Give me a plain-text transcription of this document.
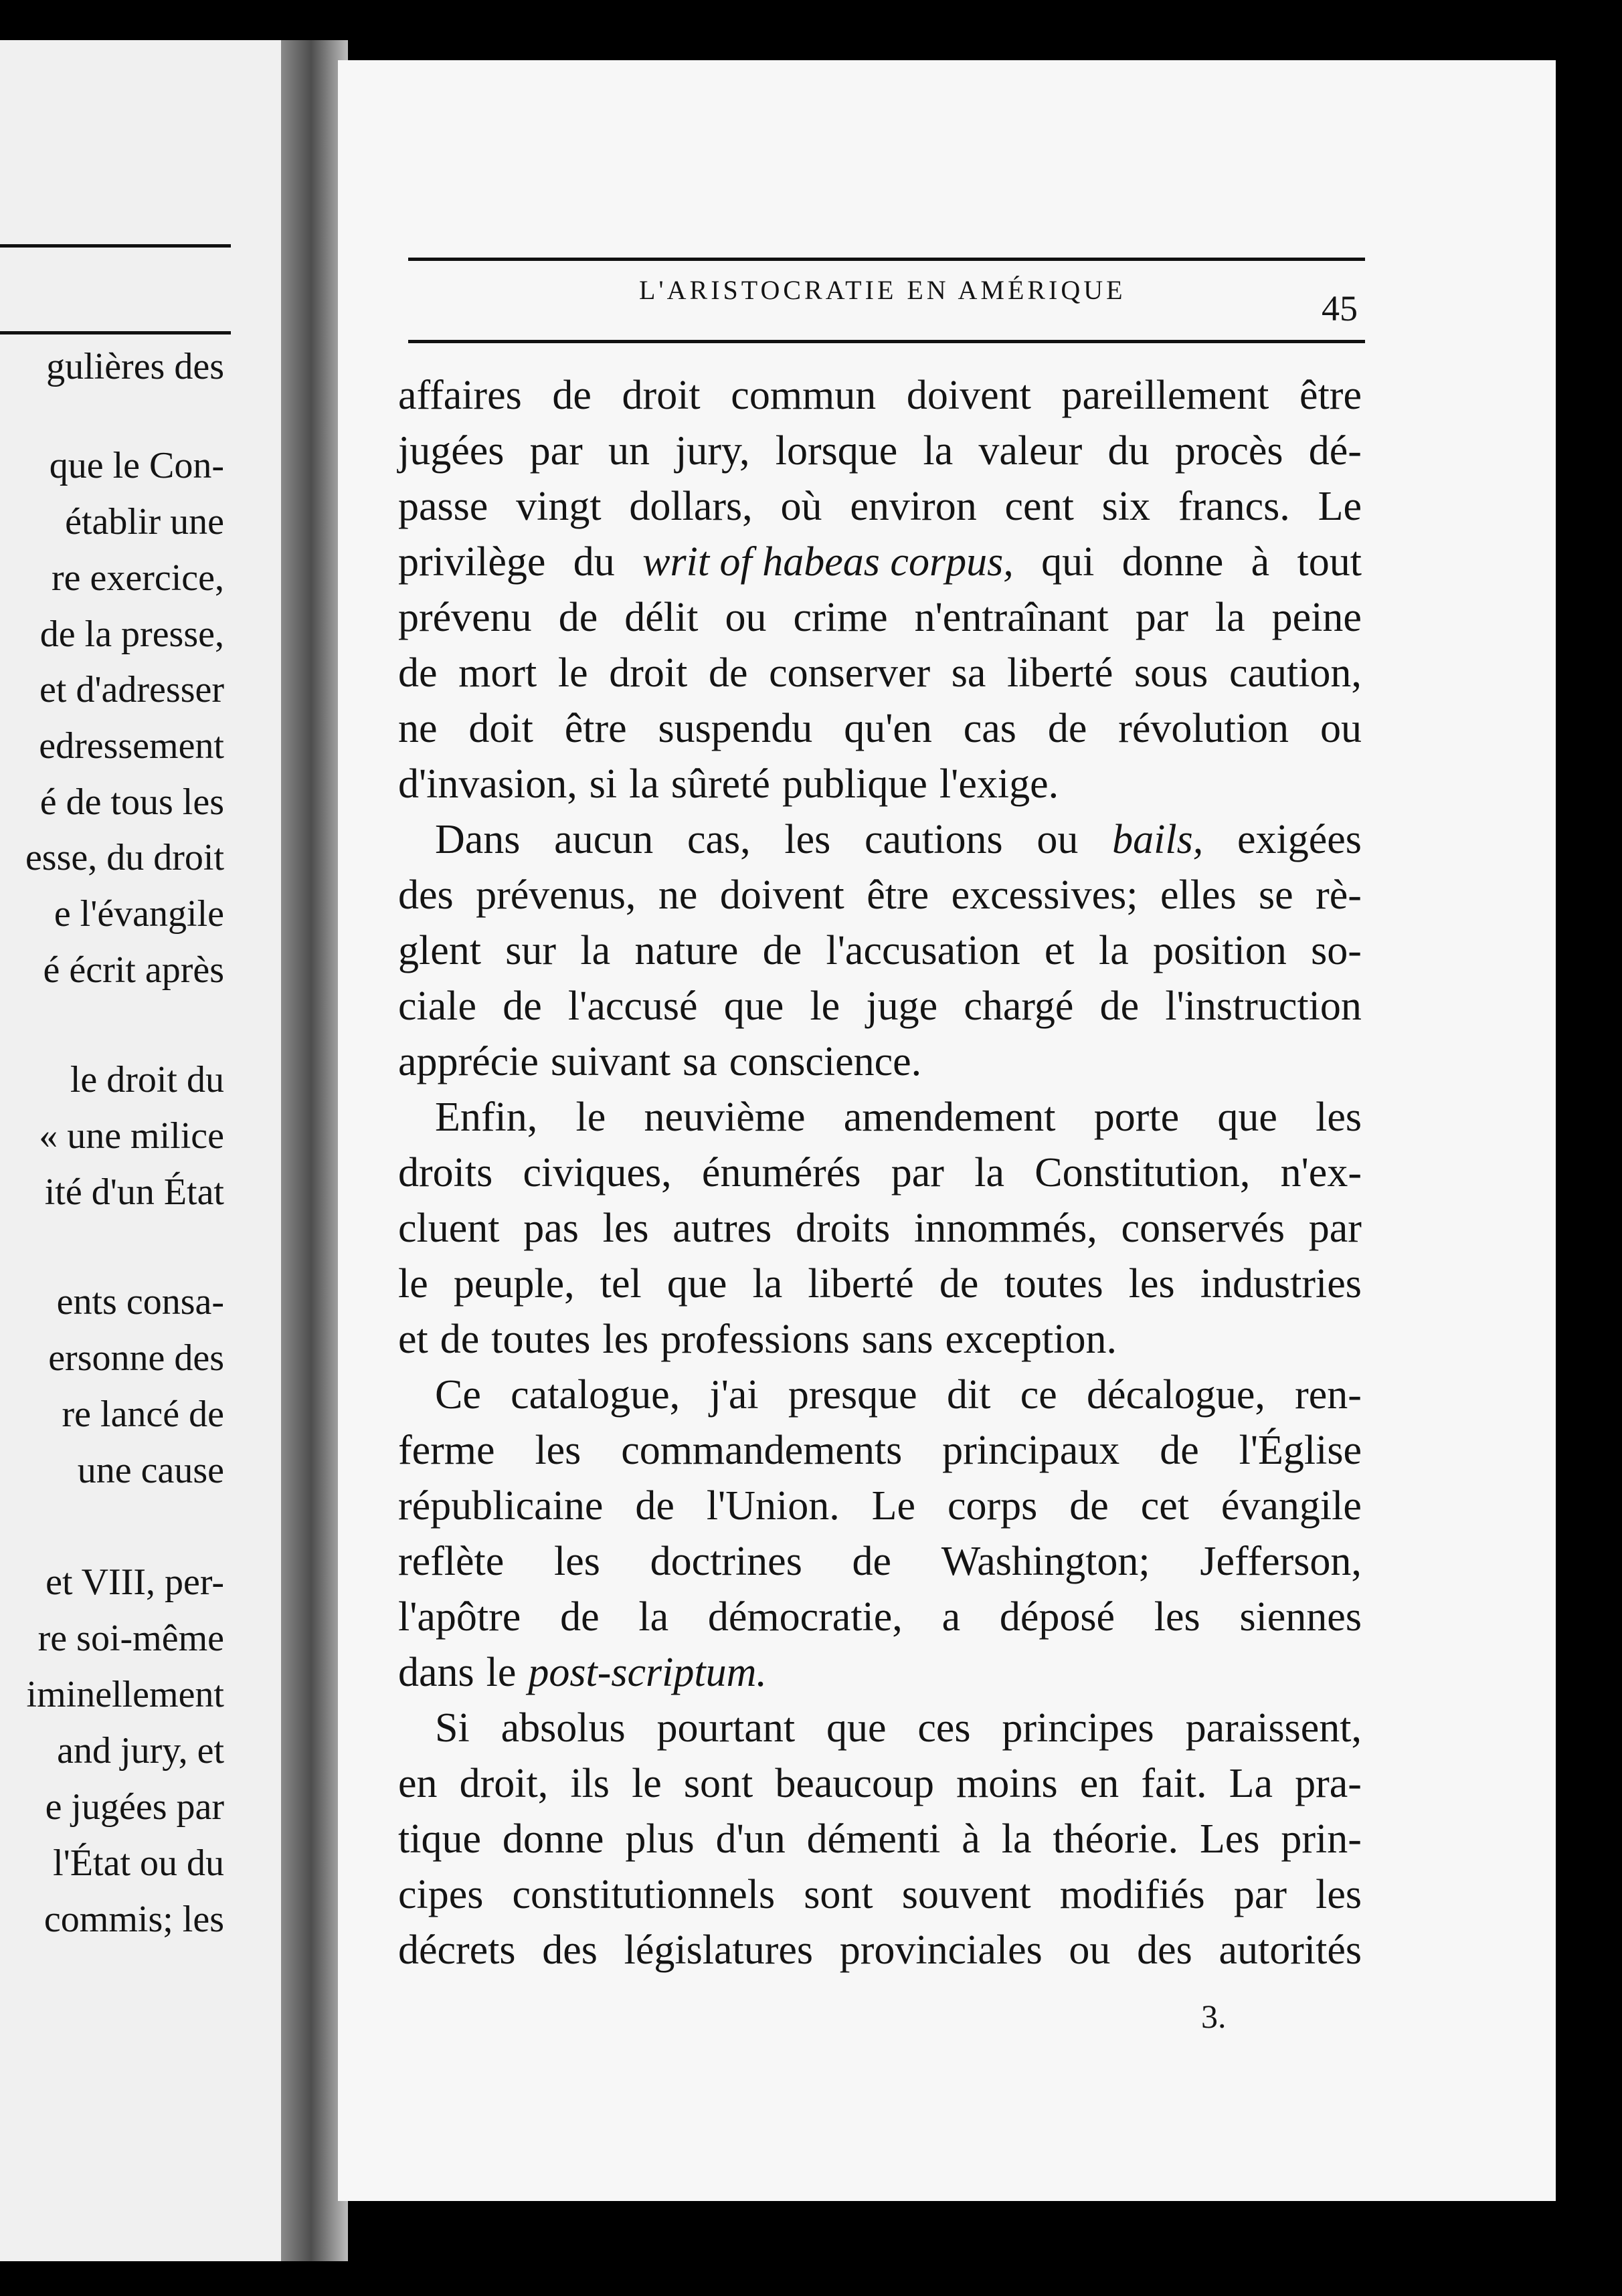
gulières des
que le Con-
établir une
re exercice,
de la presse,
et d'adresser
edressement
é de tous les
esse, du droit
e l'évangile
é écrit après
le droit du
« une milice
ité d'un État
ents consa-
ersonne des
re lancé de
une cause
et VIII, per-
re soi-même
iminellement
and jury, et
e jugées par
l'État ou du
commis; les
L'ARISTOCRATIE EN AMÉRIQUE	45
affaires de droit commun doivent pareillement être
jugées par un jury, lorsque la valeur du procès dé-
passe vingt dollars, où environ cent six francs. Le
privilège du writ of habeas corpus, qui donne à tout
prévenu de délit ou crime n'entraînant par la peine
de mort le droit de conserver sa liberté sous caution,
ne doit être suspendu qu'en cas de révolution ou
d'invasion, si la sûreté publique l'exige.
Dans aucun cas, les cautions ou bails, exigées
des prévenus, ne doivent être excessives; elles se rè-
glent sur la nature de l'accusation et la position so-
ciale de l'accusé que le juge chargé de l'instruction
apprécie suivant sa conscience.
Enfin, le neuvième amendement porte que les
droits civiques, énumérés par la Constitution, n'ex-
cluent pas les autres droits innommés, conservés par
le peuple, tel que la liberté de toutes les industries
et de toutes les professions sans exception.
Ce catalogue, j'ai presque dit ce décalogue, ren-
ferme les commandements principaux de l'Église
républicaine de l'Union. Le corps de cet évangile
reflète les doctrines de Washington; Jefferson,
l'apôtre de la démocratie, a déposé les siennes
dans le post-scriptum.
Si absolus pourtant que ces principes paraissent,
en droit, ils le sont beaucoup moins en fait. La pra-
tique donne plus d'un démenti à la théorie. Les prin-
cipes constitutionnels sont souvent modifiés par les
décrets des législatures provinciales ou des autorités
3.
